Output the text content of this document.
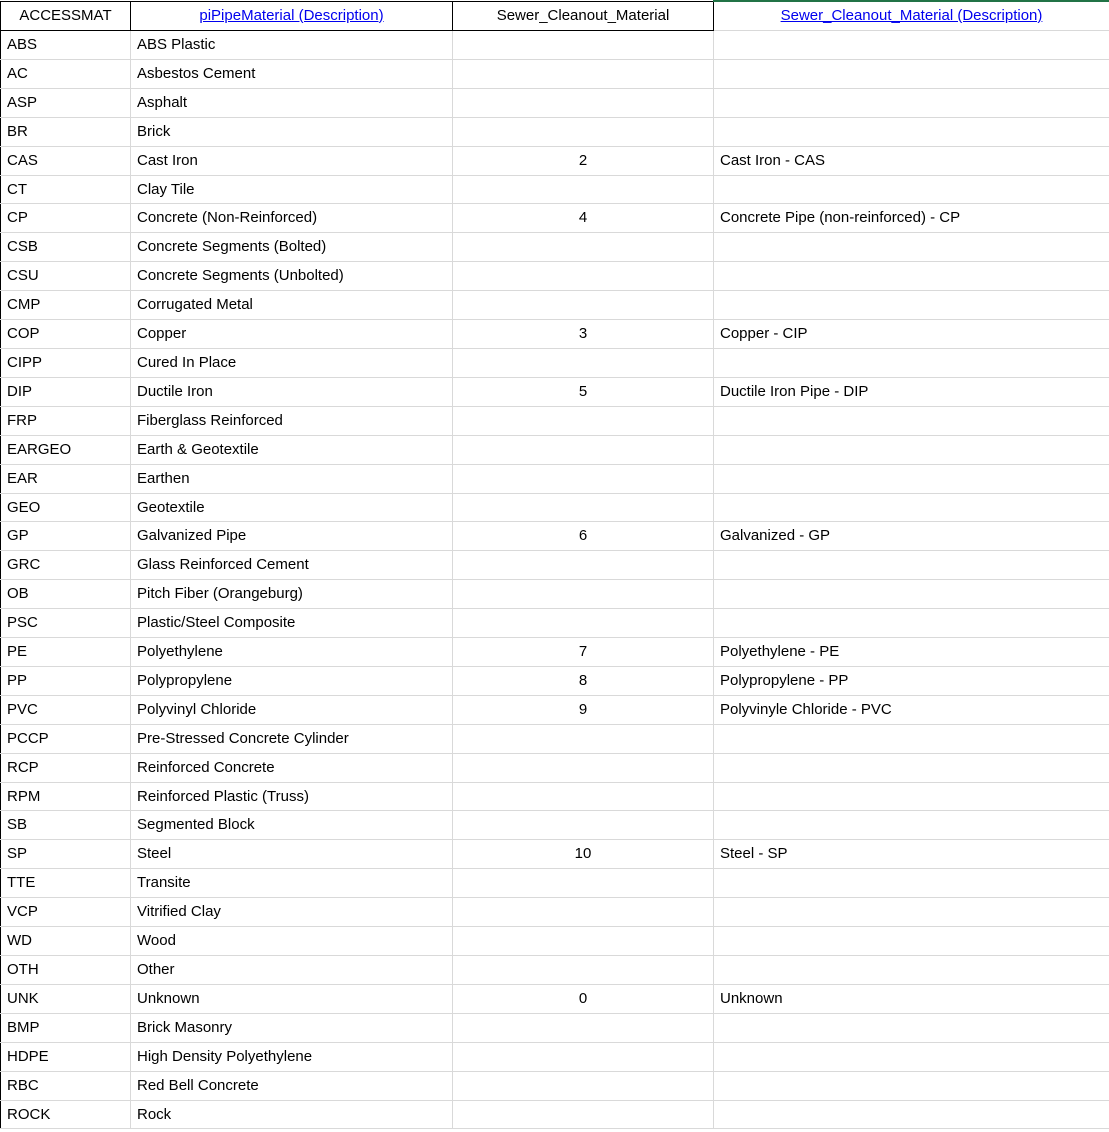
ACCESSMAT	piPipeMaterial (Description)	Sewer_Cleanout_Material	Sewer_Cleanout_Material (Description)
ABS	ABS Plastic		
AC	Asbestos Cement		
ASP	Asphalt		
BR	Brick		
CAS	Cast Iron	2	Cast Iron - CAS
CT	Clay Tile		
CP	Concrete (Non-Reinforced)	4	Concrete Pipe (non-reinforced) - CP
CSB	Concrete Segments (Bolted)		
CSU	Concrete Segments (Unbolted)		
CMP	Corrugated Metal		
COP	Copper	3	Copper - CIP
CIPP	Cured In Place		
DIP	Ductile Iron	5	Ductile Iron Pipe - DIP
FRP	Fiberglass Reinforced		
EARGEO	Earth & Geotextile		
EAR	Earthen		
GEO	Geotextile		
GP	Galvanized Pipe	6	Galvanized - GP
GRC	Glass Reinforced Cement		
OB	Pitch Fiber (Orangeburg)		
PSC	Plastic/Steel Composite		
PE	Polyethylene	7	Polyethylene - PE
PP	Polypropylene	8	Polypropylene - PP
PVC	Polyvinyl Chloride	9	Polyvinyle Chloride - PVC
PCCP	Pre-Stressed Concrete Cylinder		
RCP	Reinforced Concrete		
RPM	Reinforced Plastic (Truss)		
SB	Segmented Block		
SP	Steel	10	Steel - SP
TTE	Transite		
VCP	Vitrified Clay		
WD	Wood		
OTH	Other		
UNK	Unknown	0	Unknown
BMP	Brick Masonry		
HDPE	High Density Polyethylene		
RBC	Red Bell Concrete		
ROCK	Rock		
